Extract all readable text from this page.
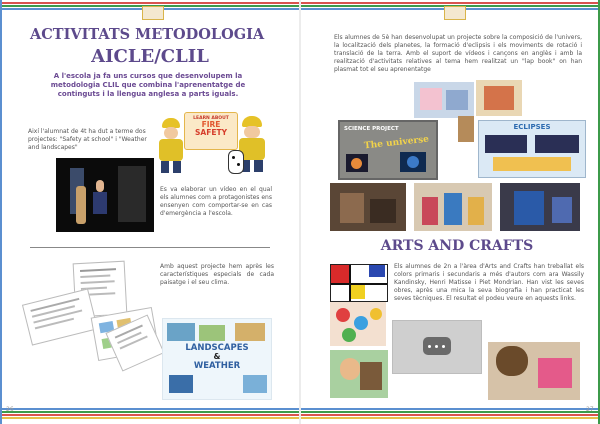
ACTIVITATS METODOLOGIA
AICLE/CLIL
A l'escola ja fa uns cursos que desenvolupem la metodologia CLIL que combina l'aprenentatge de continguts i la llengua anglesa a parts iguals.
Així l'alumnat de 4t ha dut a terme dos projectes: "Safety at school" i "Weather and landscapes"
LEARN ABOUT
FIRE
SAFETY
Es va elaborar un vídeo en el qual els alumnes com a protagonistes ens ensenyen com comportar-se en cas d'emergència a l'escola.
Amb aquest projecte hem après les característiques especials de cada paisatge i el seu clima.
LANDSCAPES
&
WEATHER
26
Els alumnes de 5è han desenvolupat un projecte sobre la composició de l'univers, la localització dels planetes, la formació d'eclipsis i els moviments de rotació i translació de la terra. Amb el suport de vídeos i cançons en anglès i amb la realització d'activitats relatives al tema hem realitzat un "lap book" on han plasmat tot el seu aprenentatge
SCIENCE PROJECT
The universe
ECLIPSES
ARTS AND CRAFTS
Els alumnes de 2n a l'àrea d'Arts and Crafts han treballat els colors primaris i secundaris a més d'autors com ara Wassily Kandinsky, Henri Matisse i Piet Mondrian. Han vist les seves obres, après una mica la seva biografia i han practicat les seves tècniques. El resultat el podeu veure en aquests links.
27
